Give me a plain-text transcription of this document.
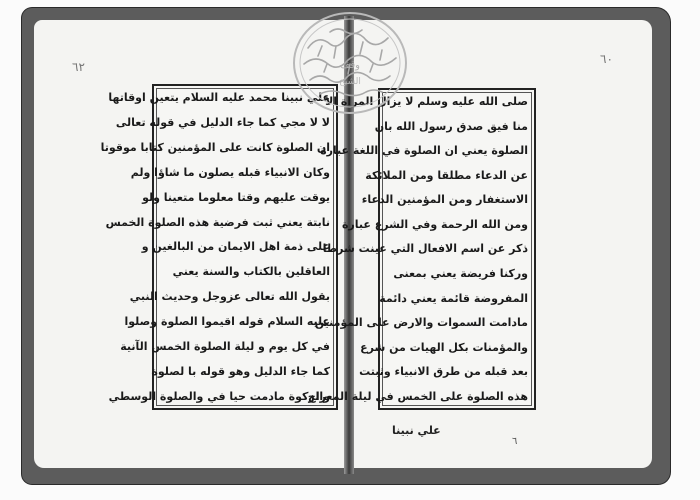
٦٢
٦٠
علي نبينا محمد عليه السلام يتعين اوقاتها
لا لا مجي كما جاء الدليل في قوله تعالى
ان الصلوة كانت على المؤمنين كتابا موقوتا
وكان الانبياء قبله يصلون ما شاؤا ولم
يوقت عليهم وقتا معلوما متعينا ولو
نابتة يعني ثبت فرضية هذه الصلوة الخمس
على ذمة اهل الايمان من البالغين و
العاقلين بالكتاب والسنة يعني
بقول الله تعالى عزوجل وحديث النبي
عليه السلام قوله اقيموا الصلوة وصلوا
في كل يوم و ليلة الصلوة الخمس الآنية
كما جاء الدليل وهو قوله با لصلوة
والزكوة مادمت حيا في والصلوة الوسطي
صلى الله عليه وسلم لا يزال المراة الا
منا فيق صدق رسول الله بان
الصلوة يعني ان الصلوة في اللغة عبارة
عن الدعاء مطلقا ومن الملائكة
الاستغفار ومن المؤمنين الدعاء
ومن الله الرحمة وفي الشرع عبارة
ذكر عن اسم الافعال التي عينت شرطا
وركنا فريضة يعني بمعنى
المفروضة قائمة يعني دائمة
مادامت السموات والارض على المؤمنين
والمؤمنات بكل الهيات من شرع
بعد قبله من طرق الانبياء وثبتت
هذه الصلوة على الخمس في ليلة المعراج
علي نبينا
٦
وقف
الشيخ
